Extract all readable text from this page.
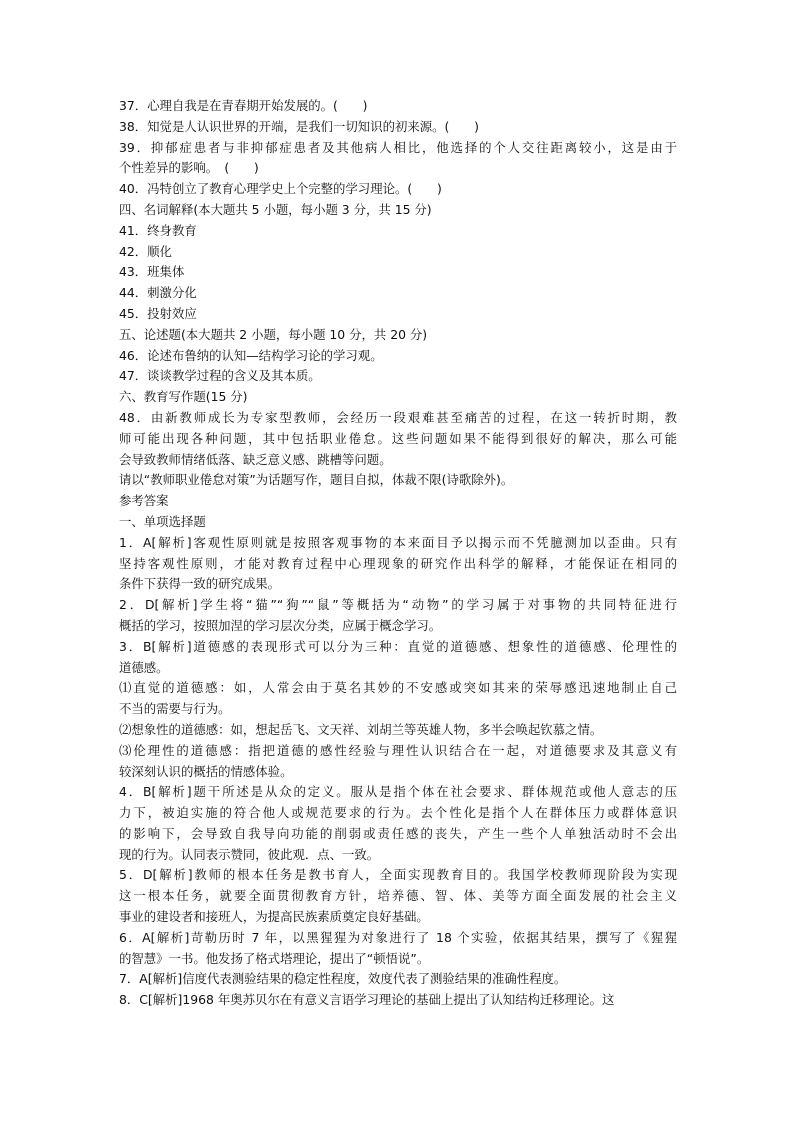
37．心理自我是在青春期开始发展的。(　　)
38．知觉是人认识世界的开端，是我们一切知识的初来源。(　　)
39．抑郁症患者与非抑郁症患者及其他病人相比，他选择的个人交往距离较小，这是由于
个性差异的影响。　(　　)
40．冯特创立了教育心理学史上个完整的学习理论。(　　)
四、名词解释(本大题共 5 小题，每小题 3 分，共 15 分)
41．终身教育
42．顺化
43．班集体
44．刺激分化
45．投射效应
五、论述题(本大题共 2 小题，每小题 10 分，共 20 分)
46．论述布鲁纳的认知—结构学习论的学习观。
47．谈谈教学过程的含义及其本质。
六、教育写作题(15 分)
48．由新教师成长为专家型教师，会经历一段艰难甚至痛苦的过程，在这一转折时期，教
师可能出现各种问题，其中包括职业倦怠。这些问题如果不能得到很好的解决，那么可能
会导致教师情绪低落、缺乏意义感、跳槽等问题。
请以“教师职业倦怠对策”为话题写作，题目自拟，体裁不限(诗歌除外)。
参考答案
一、单项选择题
1．A[解析]客观性原则就是按照客观事物的本来面目予以揭示而不凭臆测加以歪曲。只有
坚持客观性原则，才能对教育过程中心理现象的研究作出科学的解释，才能保证在相同的
条件下获得一致的研究成果。
2．D[解析]学生将“猫”“狗”“鼠”等概括为“动物”的学习属于对事物的共同特征进行
概括的学习，按照加涅的学习层次分类，应属于概念学习。
3．B[解析]道德感的表现形式可以分为三种：直觉的道德感、想象性的道德感、伦理性的
道德感。
⑴直觉的道德感：如，人常会由于莫名其妙的不安感或突如其来的荣辱感迅速地制止自己
不当的需要与行为。
⑵想象性的道德感：如，想起岳飞、文天祥、刘胡兰等英雄人物，多半会唤起钦慕之情。
⑶伦理性的道德感：指把道德的感性经验与理性认识结合在一起，对道德要求及其意义有
较深刻认识的概括的情感体验。
4．B[解析]题干所述是从众的定义。服从是指个体在社会要求、群体规范或他人意志的压
力下，被迫实施的符合他人或规范要求的行为。去个性化是指个人在群体压力或群体意识
的影响下，会导致自我导向功能的削弱或责任感的丧失，产生一些个人单独活动时不会出
现的行为。认同表示赞同，彼此观．点、一致。
5．D[解析]教师的根本任务是教书育人，全面实现教育目的。我国学校教师现阶段为实现
这一根本任务，就要全面贯彻教育方针，培养德、智、体、美等方面全面发展的社会主义
事业的建设者和接班人，为提高民族素质奠定良好基础。
6．A[解析]苛勒历时 7 年，以黑猩猩为对象进行了 18 个实验，依据其结果，撰写了《猩猩
的智慧》一书。他发扬了格式塔理论，提出了“顿悟说”。
7．A[解析]信度代表测验结果的稳定性程度，效度代表了测验结果的准确性程度。
8．C[解析]1968 年奥苏贝尔在有意义言语学习理论的基础上提出了认知结构迁移理论。这
